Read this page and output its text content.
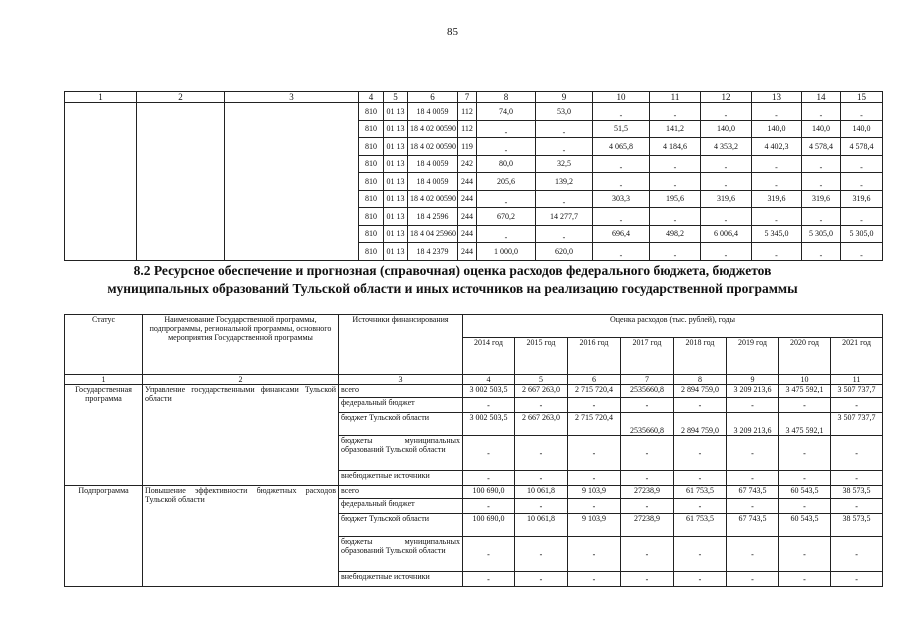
85
1	2	3	4	5	6	7	8	9	10	11	12	13	14	15
			810	01 13	18 4 0059	112	74,0	53,0	-	-	-	-	-	-
			810	01 13	18 4 02 00590	112	-	-	51,5	141,2	140,0	140,0	140,0	140,0
			810	01 13	18 4 02 00590	119	-	-	4 065,8	4 184,6	4 353,2	4 402,3	4 578,4	4 578,4
			810	01 13	18 4 0059	242	80,0	32,5	-	-	-	-	-	-
			810	01 13	18 4 0059	244	205,6	139,2	-	-	-	-	-	-
			810	01 13	18 4 02 00590	244	-	-	303,3	195,6	319,6	319,6	319,6	319,6
			810	01 13	18 4 2596	244	670,2	14 277,7	-	-	-	-	-	-
			810	01 13	18 4 04 25960	244	-	-	696,4	498,2	6 006,4	5 345,0	5 305,0	5 305,0
			810	01 13	18 4 2379	244	1 000,0	620,0	-	-	-	-	-	-
8.2 Ресурсное обеспечение и прогнозная (справочная) оценка расходов федерального бюджета, бюджетов
муниципальных образований Тульской области и иных источников на реализацию государственной программы
Статус	Наименование Государственной программы, подпрограммы, региональной программы, основного мероприятия Государственной программы	Источники финансирования	Оценка расходов (тыс. рублей), годы							
			2014 год	2015 год	2016 год	2017 год	2018 год	2019 год	2020 год	2021 год
1	2	3	4	5	6	7	8	9	10	11
Государственная программа	Управление государственными финансами Тульской области	всего	3 002 503,5	2 667 263,0	2 715 720,4	2535660,8	2 894 759,0	3 209 213,6	3 475 592,1	3 507 737,7
		федеральный бюджет	-	-	-	-	-	-	-	-
		бюджет Тульской области	3 002 503,5	2 667 263,0	2 715 720,4	2535660,8	2 894 759,0	3 209 213,6	3 475 592,1	3 507 737,7
		бюджеты муниципальных образований Тульской области	-	-	-	-	-	-	-	-
		внебюджетные источники	-	-	-	-	-	-	-	-
Подпрограмма	Повышение эффективности бюджетных расходов Тульской области	всего	100 690,0	10 061,8	9 103,9	27238,9	61 753,5	67 743,5	60 543,5	38 573,5
		федеральный бюджет	-	-	-	-	-	-	-	-
		бюджет Тульской области	100 690,0	10 061,8	9 103,9	27238,9	61 753,5	67 743,5	60 543,5	38 573,5
		бюджеты муниципальных образований Тульской области	-	-	-	-	-	-	-	-
		внебюджетные источники	-	-	-	-	-	-	-	-
